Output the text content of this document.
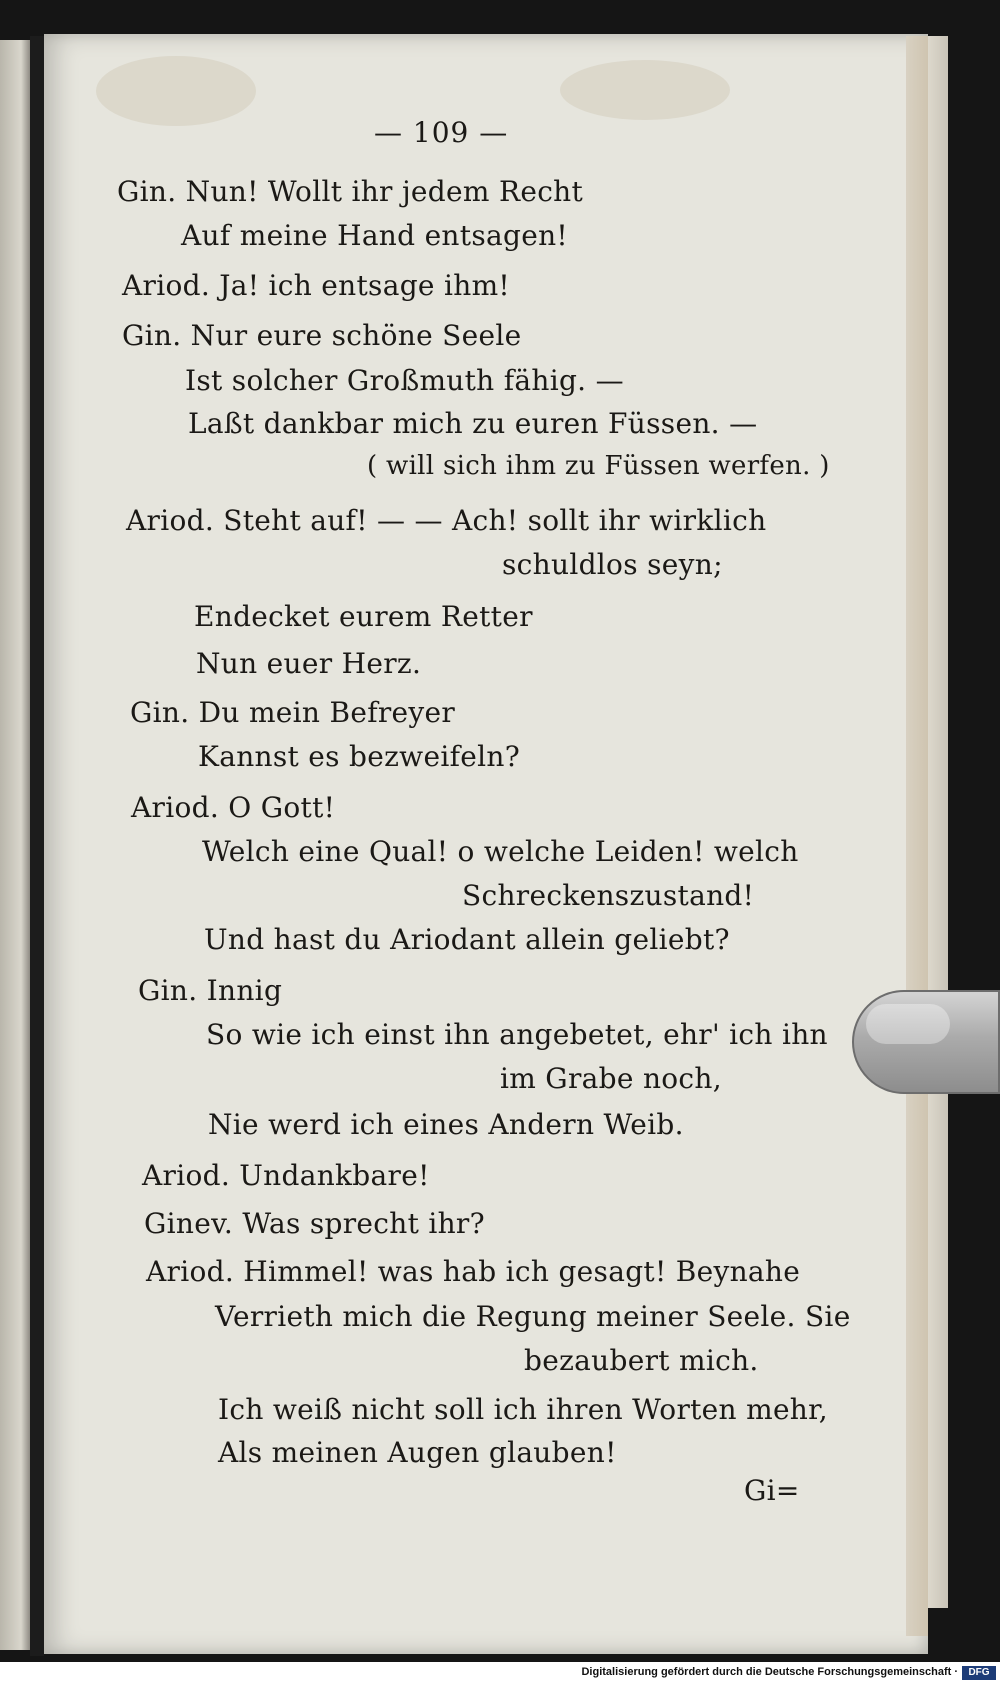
— 109 —
Gin. Nun! Wollt ihr jedem Recht
Auf meine Hand entsagen!
Ariod. Ja! ich entsage ihm!
Gin. Nur eure schöne Seele
Ist solcher Großmuth fähig. —
Laßt dankbar mich zu euren Füssen. —
( will sich ihm zu Füssen werfen. )
Ariod. Steht auf! — — Ach! sollt ihr wirklich
schuldlos seyn;
Endecket eurem Retter
Nun euer Herz.
Gin. Du mein Befreyer
Kannst es bezweifeln?
Ariod. O Gott!
Welch eine Qual! o welche Leiden! welch
Schreckenszustand!
Und hast du Ariodant allein geliebt?
Gin. Innig
So wie ich einst ihn angebetet, ehr' ich ihn
im Grabe noch,
Nie werd ich eines Andern Weib.
Ariod. Undankbare!
Ginev. Was sprecht ihr?
Ariod. Himmel! was hab ich gesagt! Beynahe
Verrieth mich die Regung meiner Seele. Sie
bezaubert mich.
Ich weiß nicht soll ich ihren Worten mehr,
Als meinen Augen glauben!
Gi=
Digitalisierung gefördert durch die Deutsche Forschungsgemeinschaft ·	DFG
